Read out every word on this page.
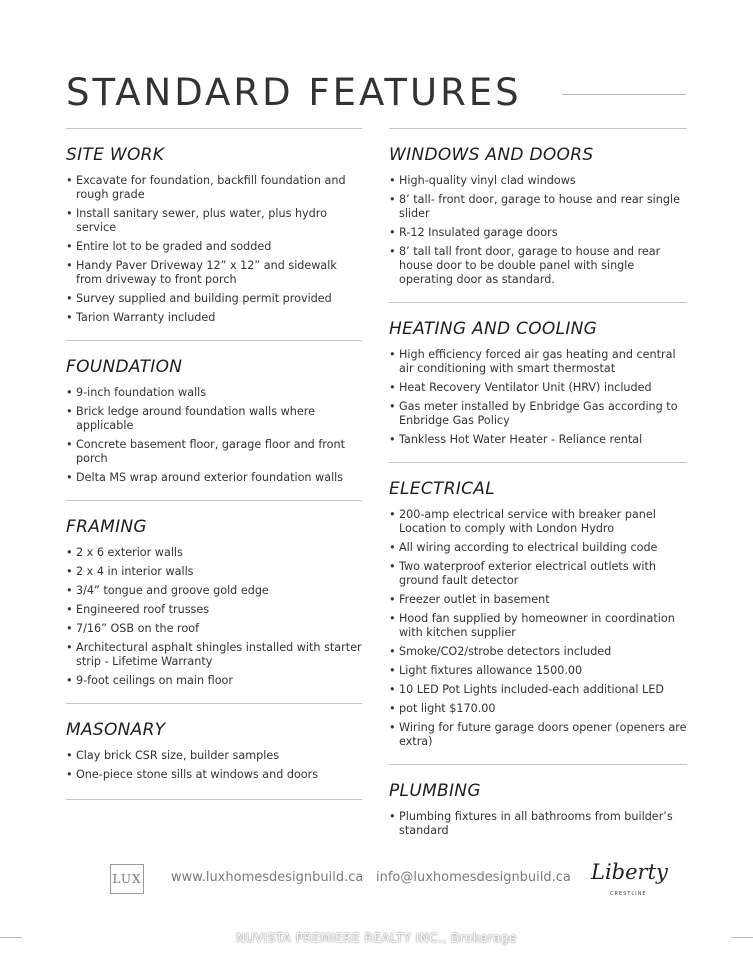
STANDARD FEATURES
SITE WORK
• Excavate for foundation, backfill foundation and rough grade
• Install sanitary sewer, plus water, plus hydro service
• Entire lot to be graded and sodded
• Handy Paver Driveway 12” x 12” and sidewalk from driveway to front porch
• Survey supplied and building permit provided
• Tarion Warranty included
FOUNDATION
• 9-inch foundation walls
• Brick ledge around foundation walls where applicable
• Concrete basement floor, garage floor and front porch
• Delta MS wrap around exterior foundation walls
FRAMING
• 2 x 6 exterior walls
• 2 x 4 in interior walls
• 3/4” tongue and groove gold edge
• Engineered roof trusses
• 7/16” OSB on the roof
• Architectural asphalt shingles installed with starter strip - Lifetime Warranty
• 9-foot ceilings on main floor
MASONARY
• Clay brick CSR size, builder samples
• One-piece stone sills at windows and doors
WINDOWS AND DOORS
• High-quality vinyl clad windows
• 8’ tall- front door, garage to house and rear single slider
• R-12 Insulated garage doors
• 8’ tall tall front door, garage to house and rear house door to be double panel with single operating door as standard.
HEATING AND COOLING
• High efficiency forced air gas heating and central air conditioning with smart thermostat
• Heat Recovery Ventilator Unit (HRV) included
• Gas meter installed by Enbridge Gas according to Enbridge Gas Policy
• Tankless Hot Water Heater - Reliance rental
ELECTRICAL
• 200-amp electrical service with breaker panel Location to comply with London Hydro
• All wiring according to electrical building code
• Two waterproof exterior electrical outlets with ground fault detector
• Freezer outlet in basement
• Hood fan supplied by homeowner in coordination with kitchen supplier
• Smoke/CO2/strobe detectors included
• Light fixtures allowance 1500.00
• 10 LED Pot Lights included-each additional LED
• pot light $170.00
• Wiring for future garage doors opener (openers are extra)
PLUMBING
• Plumbing fixtures in all bathrooms from builder’s standard
LUX www.luxhomesdesignbuild.ca info@luxhomesdesignbuild.ca Liberty
CRESTLINE
NUVISTA PREMIERE REALTY INC., Brokerage
